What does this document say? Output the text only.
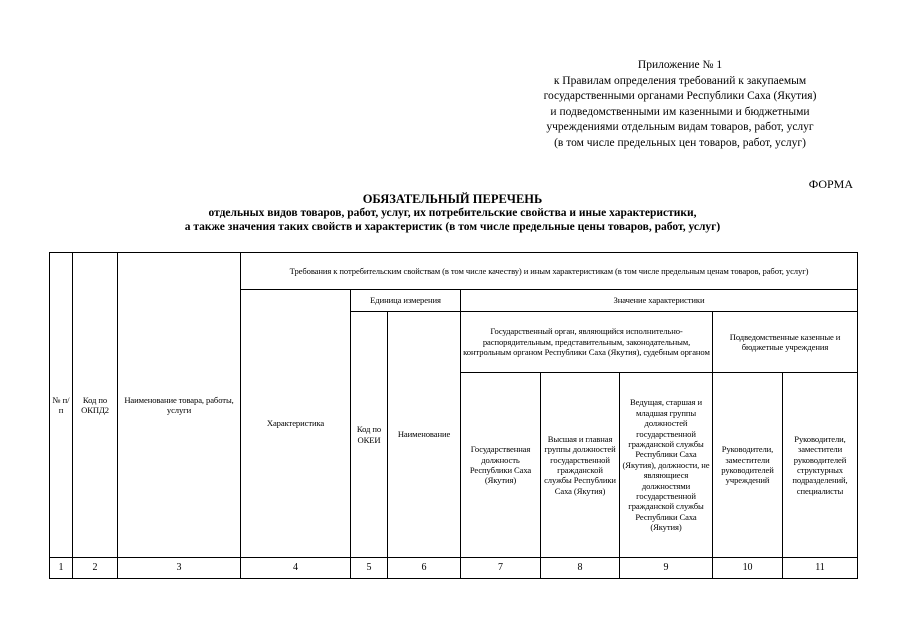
Приложение № 1
к Правилам определения требований к закупаемым
государственными органами Республики Саха (Якутия)
и подведомственными им казенными и бюджетными
учреждениями отдельным видам товаров, работ, услуг
(в том числе предельных цен товаров, работ, услуг)
ФОРМА
ОБЯЗАТЕЛЬНЫЙ ПЕРЕЧЕНЬ
отдельных видов товаров, работ, услуг, их потребительские свойства и иные характеристики,
а также значения таких свойств и характеристик (в том числе предельные цены товаров, работ, услуг)
№ п/п	Код по ОКПД2	Наименование товара, работы, услуги	Требования к потребительским свойствам (в том числе качеству) и иным характеристикам (в том числе предельным ценам товаров, работ, услуг)							
			Характеристика	Единица измерения		Значение характеристики				
				Код по ОКЕИ	Наименование	Государственный орган, являющийся исполнительно-распорядительным, представительным, законодательным, контрольным органом Республики Саха (Якутия), судебным органом			Подведомственные казенные и бюджетные учреждения	
						Государственная должность Республики Саха (Якутия)	Высшая и главная группы должностей государственной гражданской службы Республики Саха (Якутия)	Ведущая, старшая и младшая группы должностей государственной гражданской службы Республики Саха (Якутия), должности, не являющиеся должностями государственной гражданской службы Республики Саха (Якутия)	Руководители, заместители руководителей учреждений	Руководители, заместители руководителей структурных подразделений, специалисты
1	2	3	4	5	6	7	8	9	10	11
